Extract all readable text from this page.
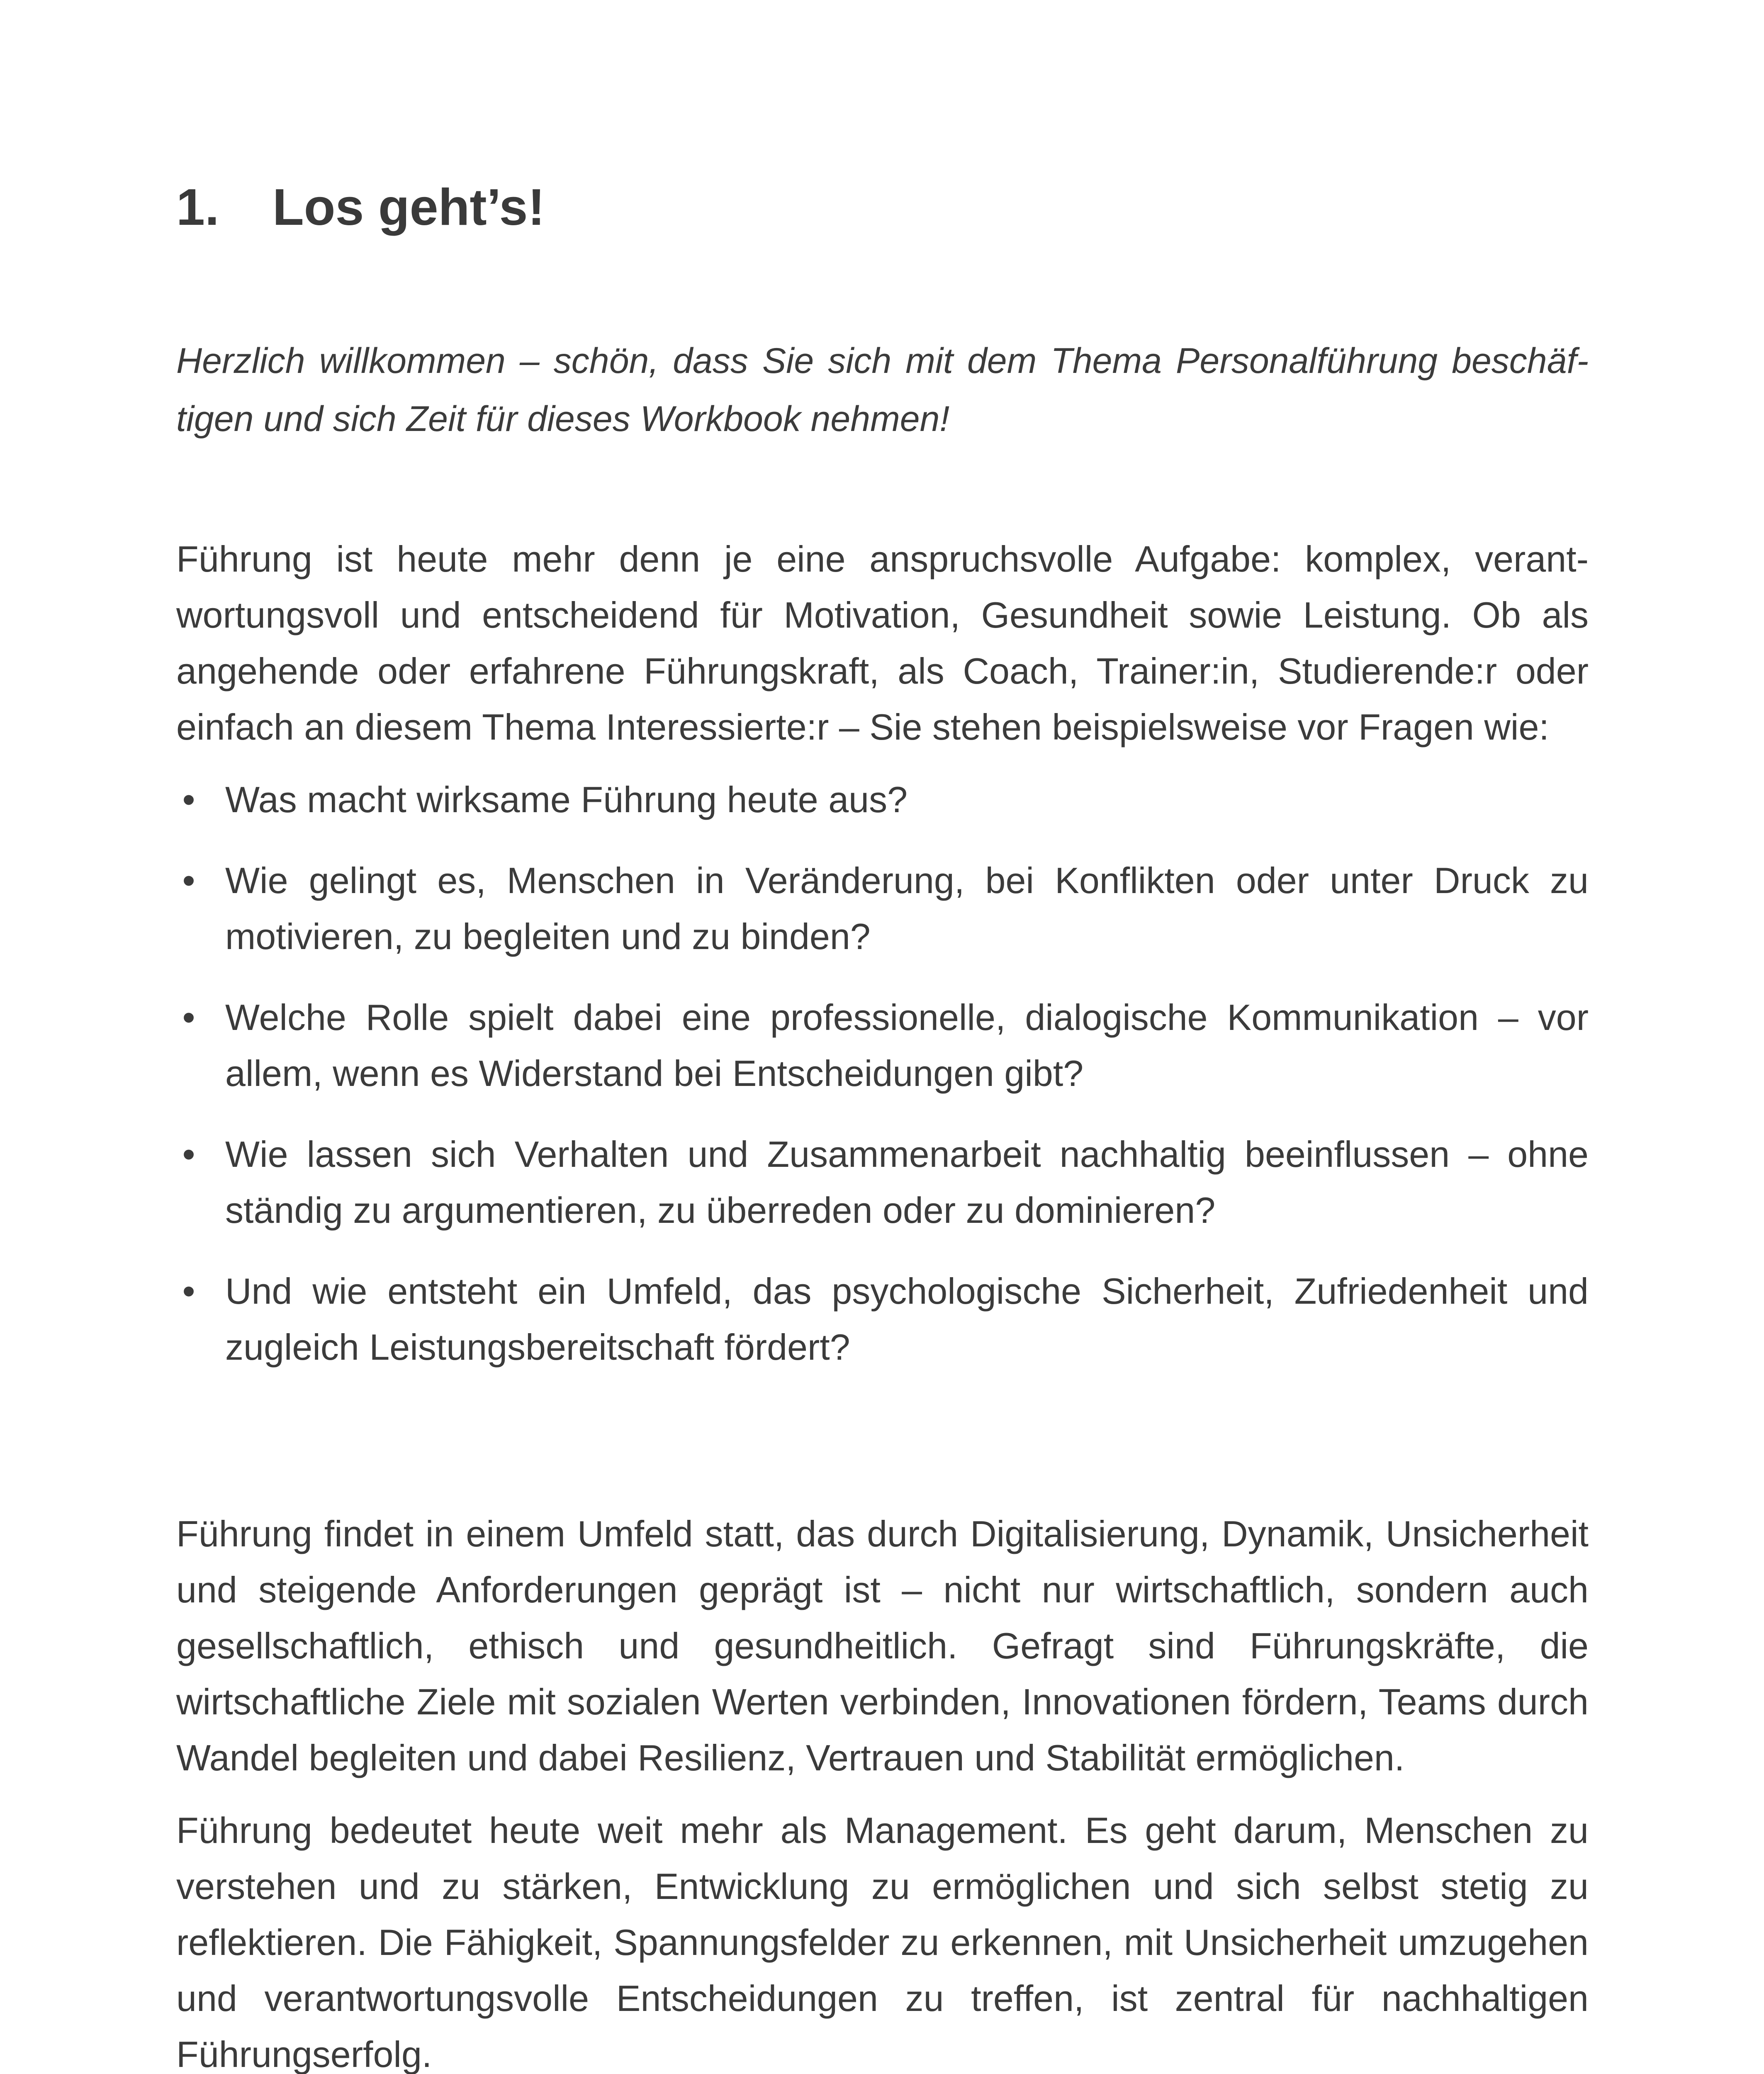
1. Los geht’s!

Herzlich willkommen – schön, dass Sie sich mit dem Thema Personalführung beschäftigen und sich Zeit für dieses Workbook nehmen!

Führung ist heute mehr denn je eine anspruchsvolle Aufgabe: komplex, verantwortungsvoll und entscheidend für Motivation, Gesundheit sowie Leistung. Ob als angehende oder erfahrene Führungskraft, als Coach, Trainer:in, Studierende:r oder einfach an diesem Thema Interessierte:r – Sie stehen beispielsweise vor Fragen wie:

• Was macht wirksame Führung heute aus?
• Wie gelingt es, Menschen in Veränderung, bei Konflikten oder unter Druck zu motivieren, zu begleiten und zu binden?
• Welche Rolle spielt dabei eine professionelle, dialogische Kommunikation – vor allem, wenn es Widerstand bei Entscheidungen gibt?
• Wie lassen sich Verhalten und Zusammenarbeit nachhaltig beeinflussen – ohne ständig zu argumentieren, zu überreden oder zu dominieren?
• Und wie entsteht ein Umfeld, das psychologische Sicherheit, Zufriedenheit und zugleich Leistungsbereitschaft fördert?

Führung findet in einem Umfeld statt, das durch Digitalisierung, Dynamik, Unsicherheit und steigende Anforderungen geprägt ist – nicht nur wirtschaftlich, sondern auch gesellschaftlich, ethisch und gesundheitlich. Gefragt sind Führungskräfte, die wirtschaftliche Ziele mit sozialen Werten verbinden, Innovationen fördern, Teams durch Wandel begleiten und dabei Resilienz, Vertrauen und Stabilität ermöglichen.

Führung bedeutet heute weit mehr als Management. Es geht darum, Menschen zu verstehen und zu stärken, Entwicklung zu ermöglichen und sich selbst stetig zu reflektieren. Die Fähigkeit, Spannungsfelder zu erkennen, mit Unsicherheit umzugehen und verantwortungsvolle Entscheidungen zu treffen, ist zentral für nachhaltigen Führungserfolg.
